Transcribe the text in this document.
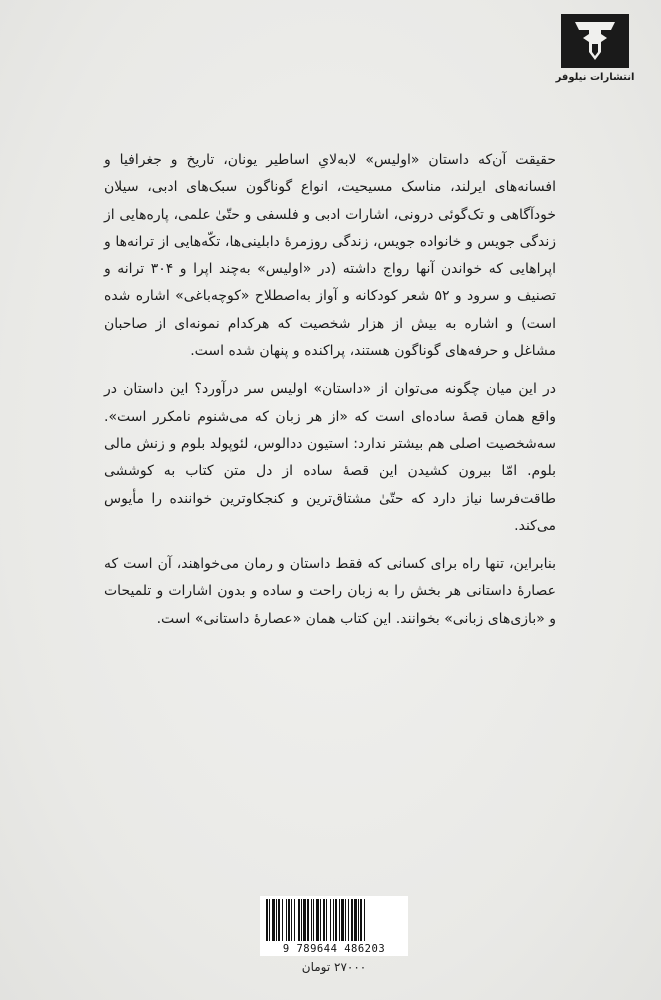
انتشارات نیلوفر

حقیقت آن‌که داستان «اولیس» لابه‌لایِ اساطیر یونان، تاریخ و جغرافیا و افسانه‌های ایرلند، مناسک مسیحیت، انواع گوناگون سبک‌های ادبی، سیلان خودآگاهی و تک‌گوئی درونی، اشارات ادبی و فلسفی و حتّیٰ علمی، پاره‌هایی از زندگی جویس و خانواده جویس، زندگی روزمرهٔ دابلینی‌ها، تکّه‌هایی از ترانه‌ها و اپراهایی که خواندن آنها رواج داشته (در «اولیس» به‌چند اپرا و ۳۰۴ ترانه و تصنیف و سرود و ۵۲ شعر کودکانه و آواز به‌اصطلاح «کوچه‌باغی» اشاره شده است) و اشاره به بیش از هزار شخصیت که هرکدام نمونه‌ای از صاحبان مشاغل و حرفه‌های گوناگون هستند، پراکنده و پنهان شده است.

در این میان چگونه می‌توان از «داستان» اولیس سر درآورد؟ این داستان در واقع همان قصهٔ ساده‌ای است که «از هر زبان که می‌شنوم نامکرر است». سه‌شخصیت اصلی هم بیشتر ندارد: استیون ددالوس، لئوپولد بلوم و زنش مالی بلوم. امّا بیرون کشیدن این قصهٔ ساده از دل متن کتاب به کوششی طاقت‌فرسا نیاز دارد که حتّیٰ مشتاق‌ترین و کنجکاوترین خواننده را مأیوس می‌کند.

بنابراین، تنها راه برای کسانی که فقط داستان و رمان می‌خواهند، آن است که عصارهٔ داستانی هر بخش را به زبان راحت و ساده و بدون اشارات و تلمیحات و «بازی‌های زبانی» بخوانند. این کتاب همان «عصارهٔ داستانی» است.

9 789644 486203
۲۷۰۰۰ تومان
